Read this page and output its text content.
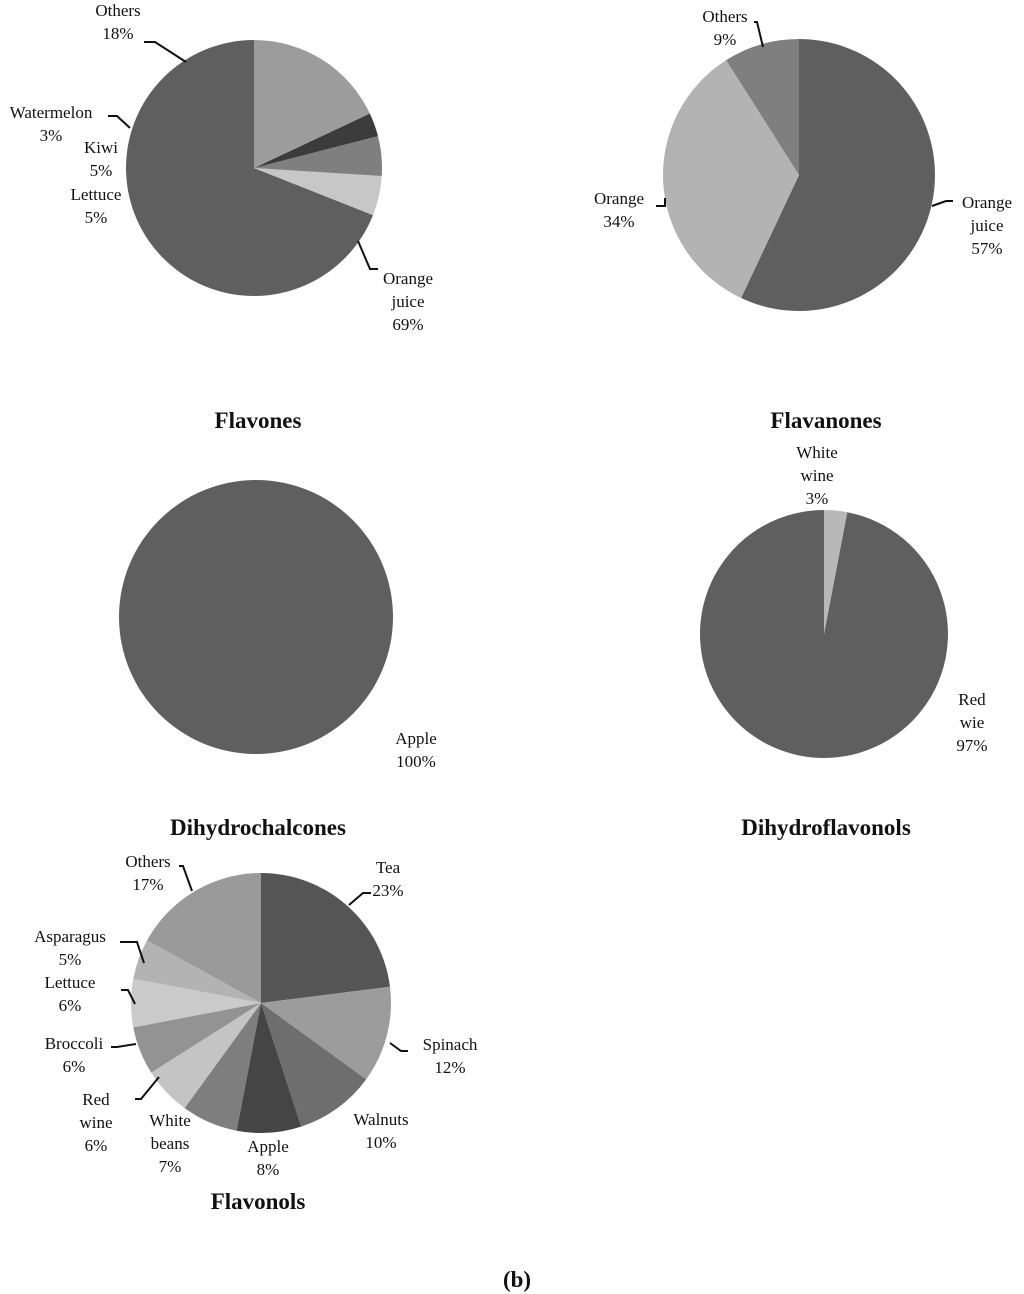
Orange
juice
69%
Lettuce
5%
Kiwi
5%
Watermelon
3%
Others
18%
Flavones
Orange
juice
57%
Orange
34%
Others
9%
Flavanones
Apple
100%
Dihydrochalcones
Red
wie
97%
White
wine
3%
Dihydroflavonols
Tea
23%
Spinach
12%
Walnuts
10%
Apple
8%
White
beans
7%
Red
wine
6%
Broccoli
6%
Lettuce
6%
Asparagus
5%
Others
17%
Flavonols
(b)
